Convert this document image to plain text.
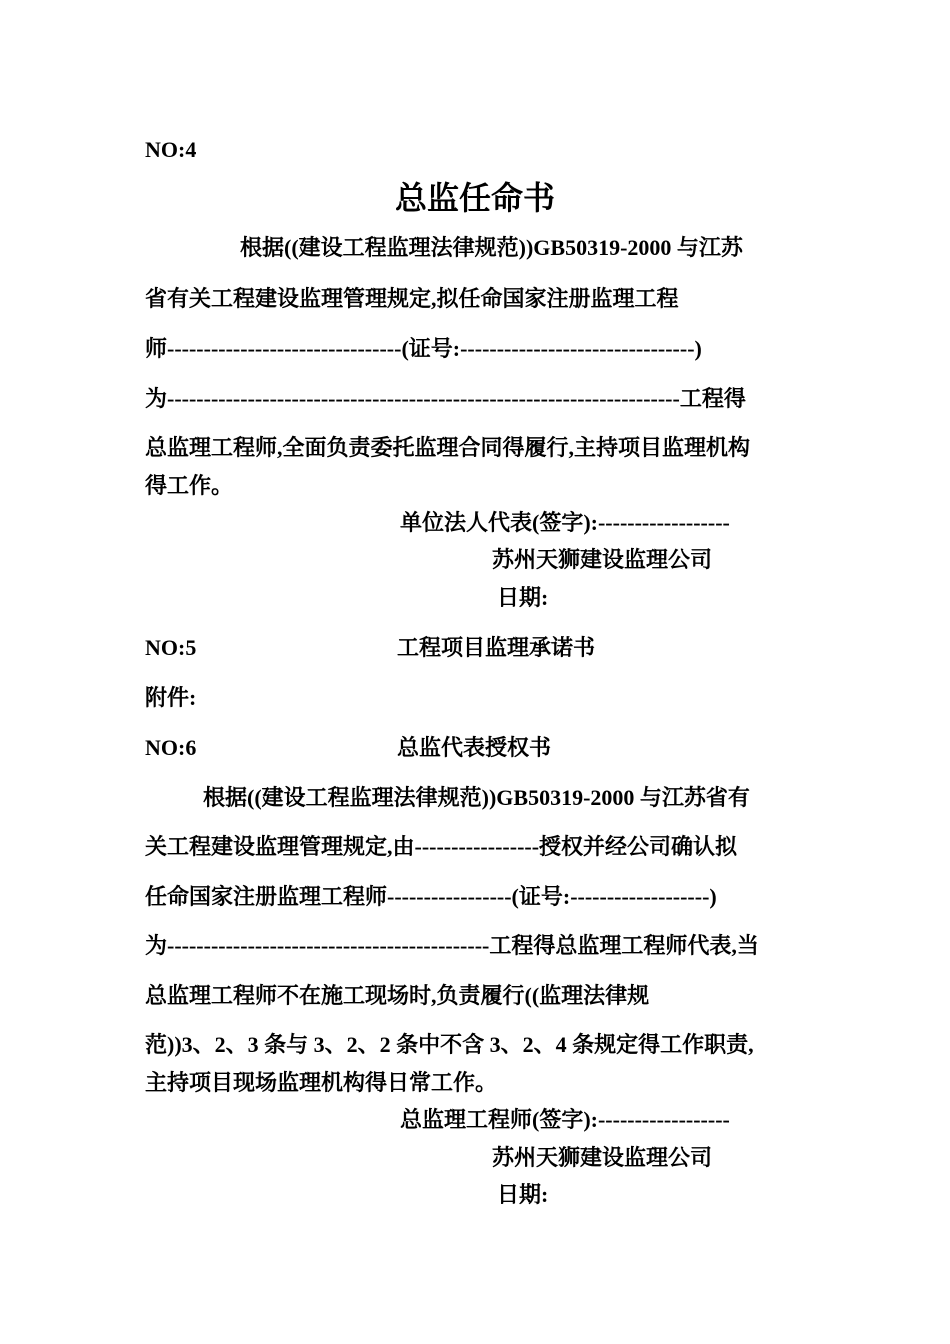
NO:4
总监任命书
根据((建设工程监理法律规范))GB50319-2000 与江苏
省有关工程建设监理管理规定,拟任命国家注册监理工程
师--------------------------------(证号:--------------------------------)
为----------------------------------------------------------------------工程得
总监理工程师,全面负责委托监理合同得履行,主持项目监理机构
得工作。
单位法人代表(签字):------------------
苏州天狮建设监理公司
日期:
NO:5	工程项目监理承诺书
附件:
NO:6	总监代表授权书
根据((建设工程监理法律规范))GB50319-2000 与江苏省有
关工程建设监理管理规定,由-----------------授权并经公司确认拟
任命国家注册监理工程师-----------------(证号:-------------------)
为--------------------------------------------工程得总监理工程师代表,当
总监理工程师不在施工现场时,负责履行((监理法律规
范))3、2、3 条与 3、2、2 条中不含 3、2、4 条规定得工作职责,
主持项目现场监理机构得日常工作。
总监理工程师(签字):------------------
苏州天狮建设监理公司
日期:
